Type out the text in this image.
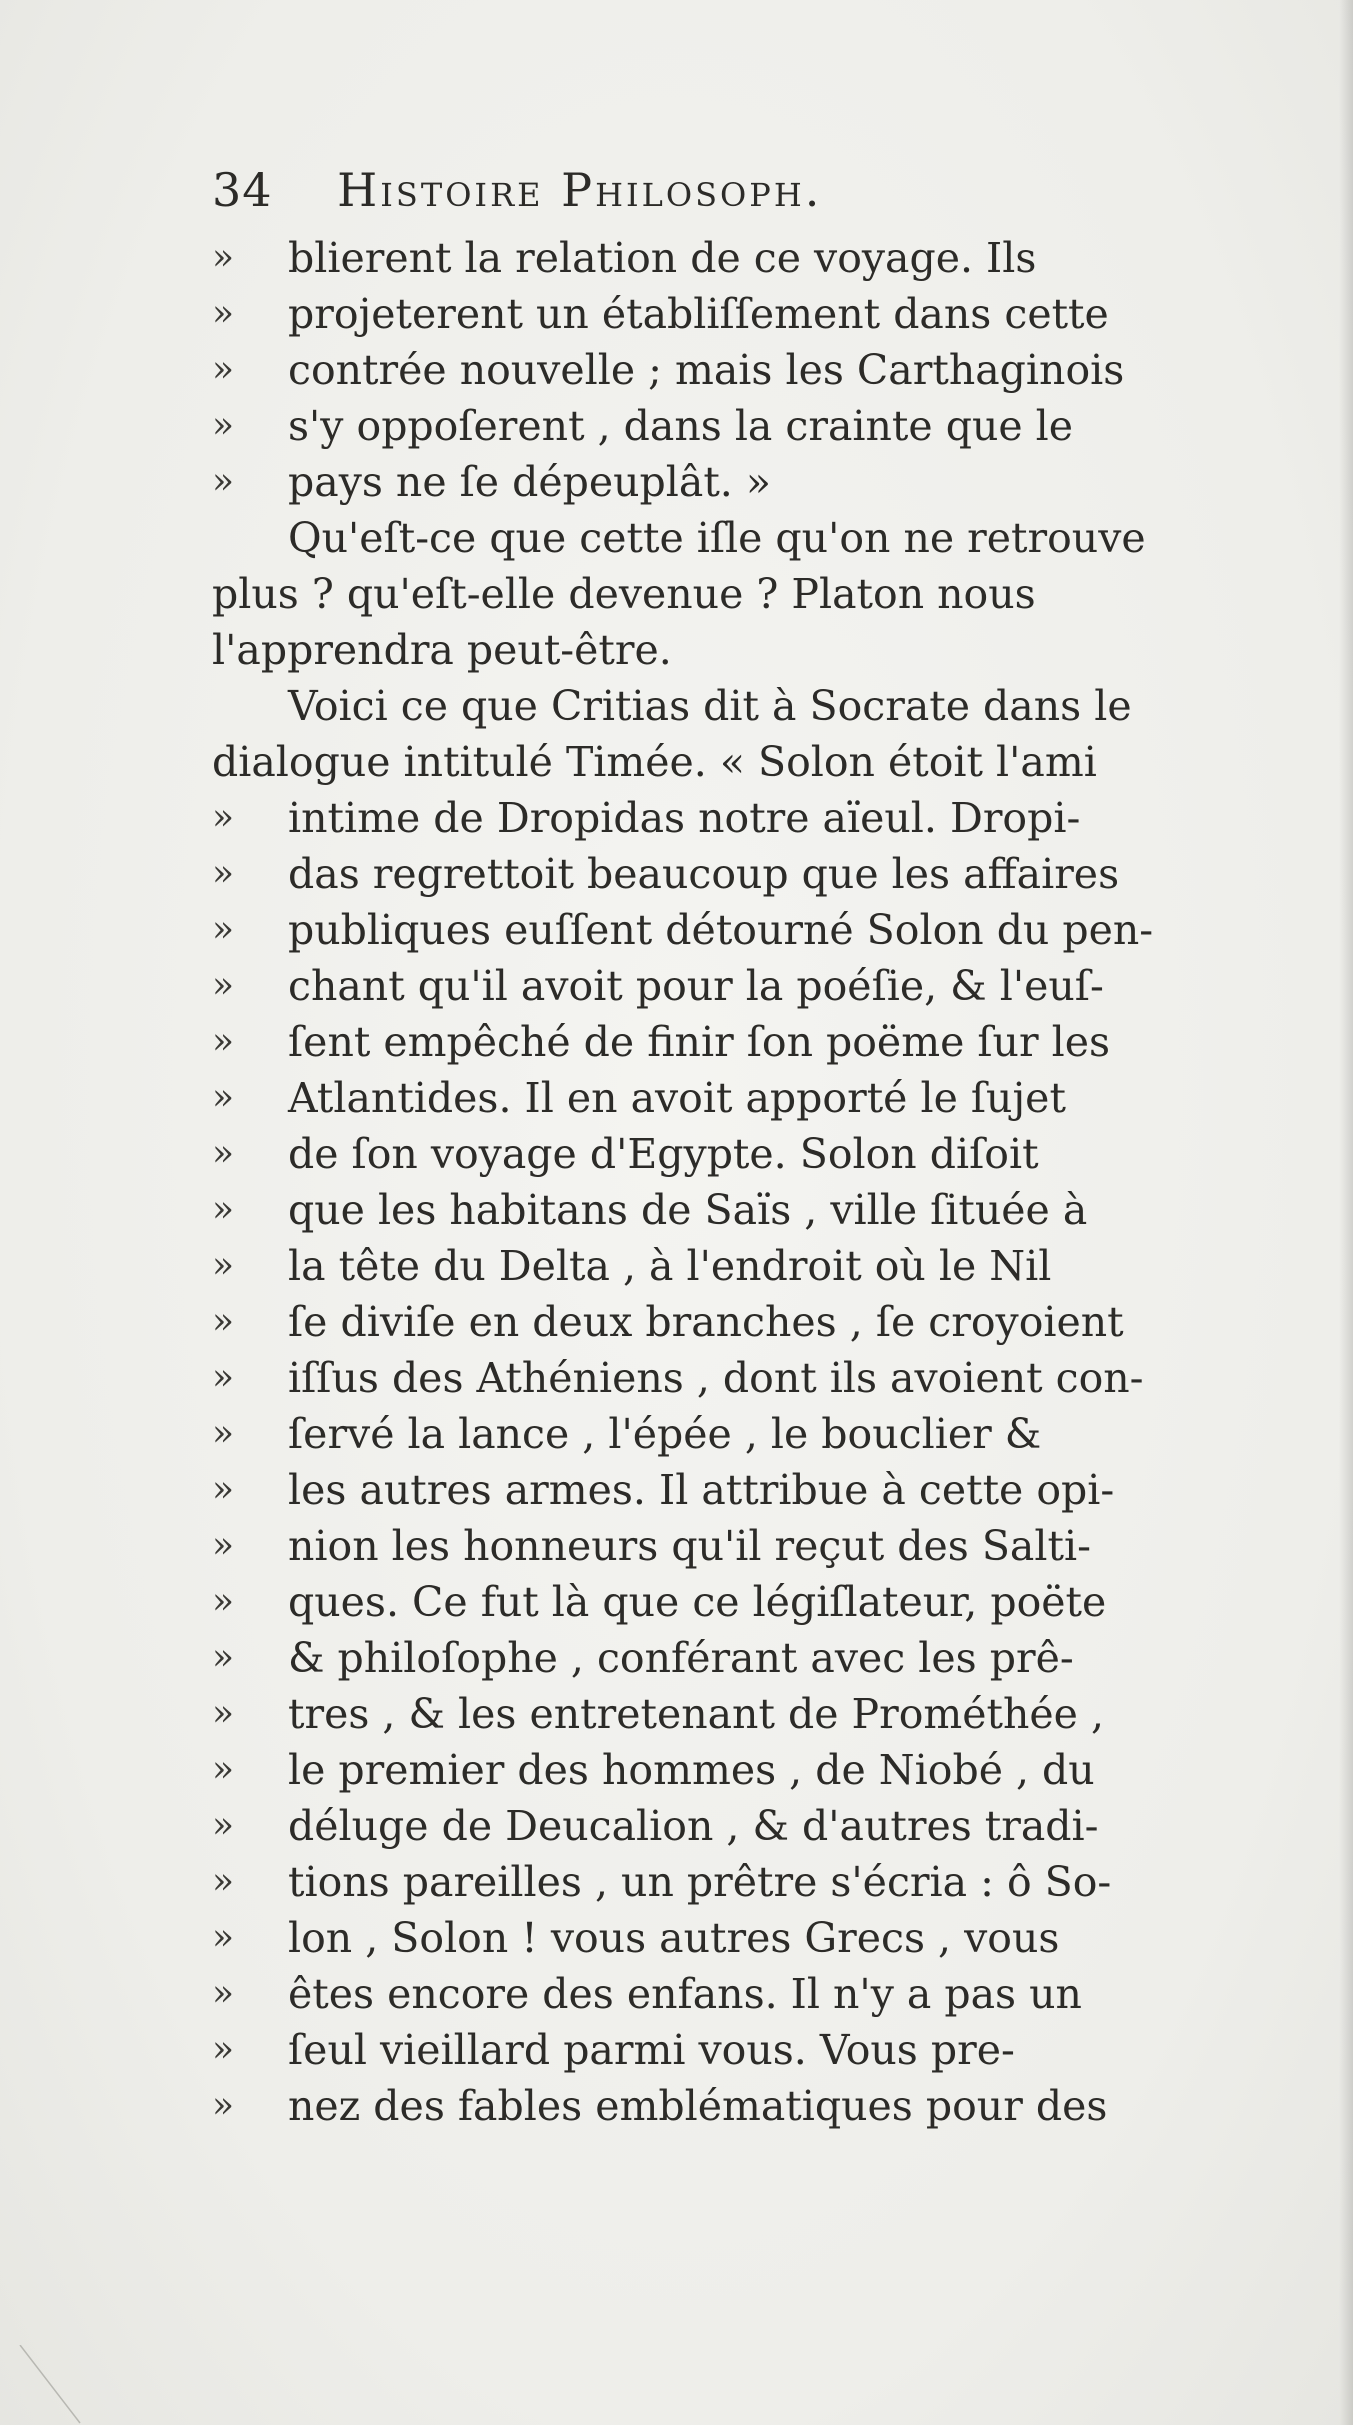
34 Histoire Philosoph.
»	blierent la relation de ce voyage. Ils
»	projeterent un établiſſement dans cette
»	contrée nouvelle ; mais les Carthaginois
»	s'y oppoſerent , dans la crainte que le
»	pays ne ſe dépeuplât. »
Qu'eſt-ce que cette iſle qu'on ne retrouve
plus ? qu'eſt-elle devenue ? Platon nous
l'apprendra peut-être.
Voici ce que Critias dit à Socrate dans le
dialogue intitulé Timée. « Solon étoit l'ami
»	intime de Dropidas notre aïeul. Dropi-
»	das regrettoit beaucoup que les affaires
»	publiques euſſent détourné Solon du pen-
»	chant qu'il avoit pour la poéſie, & l'euſ-
»	ſent empêché de finir ſon poëme ſur les
»	Atlantides. Il en avoit apporté le ſujet
»	de ſon voyage d'Egypte. Solon diſoit
»	que les habitans de Saïs , ville ſituée à
»	la tête du Delta , à l'endroit où le Nil
»	ſe diviſe en deux branches , ſe croyoient
»	iſſus des Athéniens , dont ils avoient con-
»	ſervé la lance , l'épée , le bouclier &
»	les autres armes. Il attribue à cette opi-
»	nion les honneurs qu'il reçut des Salti-
»	ques. Ce fut là que ce légiſlateur, poëte
»	& philoſophe , conférant avec les prê-
»	tres , & les entretenant de Prométhée ,
»	le premier des hommes , de Niobé , du
»	déluge de Deucalion , & d'autres tradi-
»	tions pareilles , un prêtre s'écria : ô So-
»	lon , Solon ! vous autres Grecs , vous
»	êtes encore des enfans. Il n'y a pas un
»	ſeul vieillard parmi vous. Vous pre-
»	nez des fables emblématiques pour des
